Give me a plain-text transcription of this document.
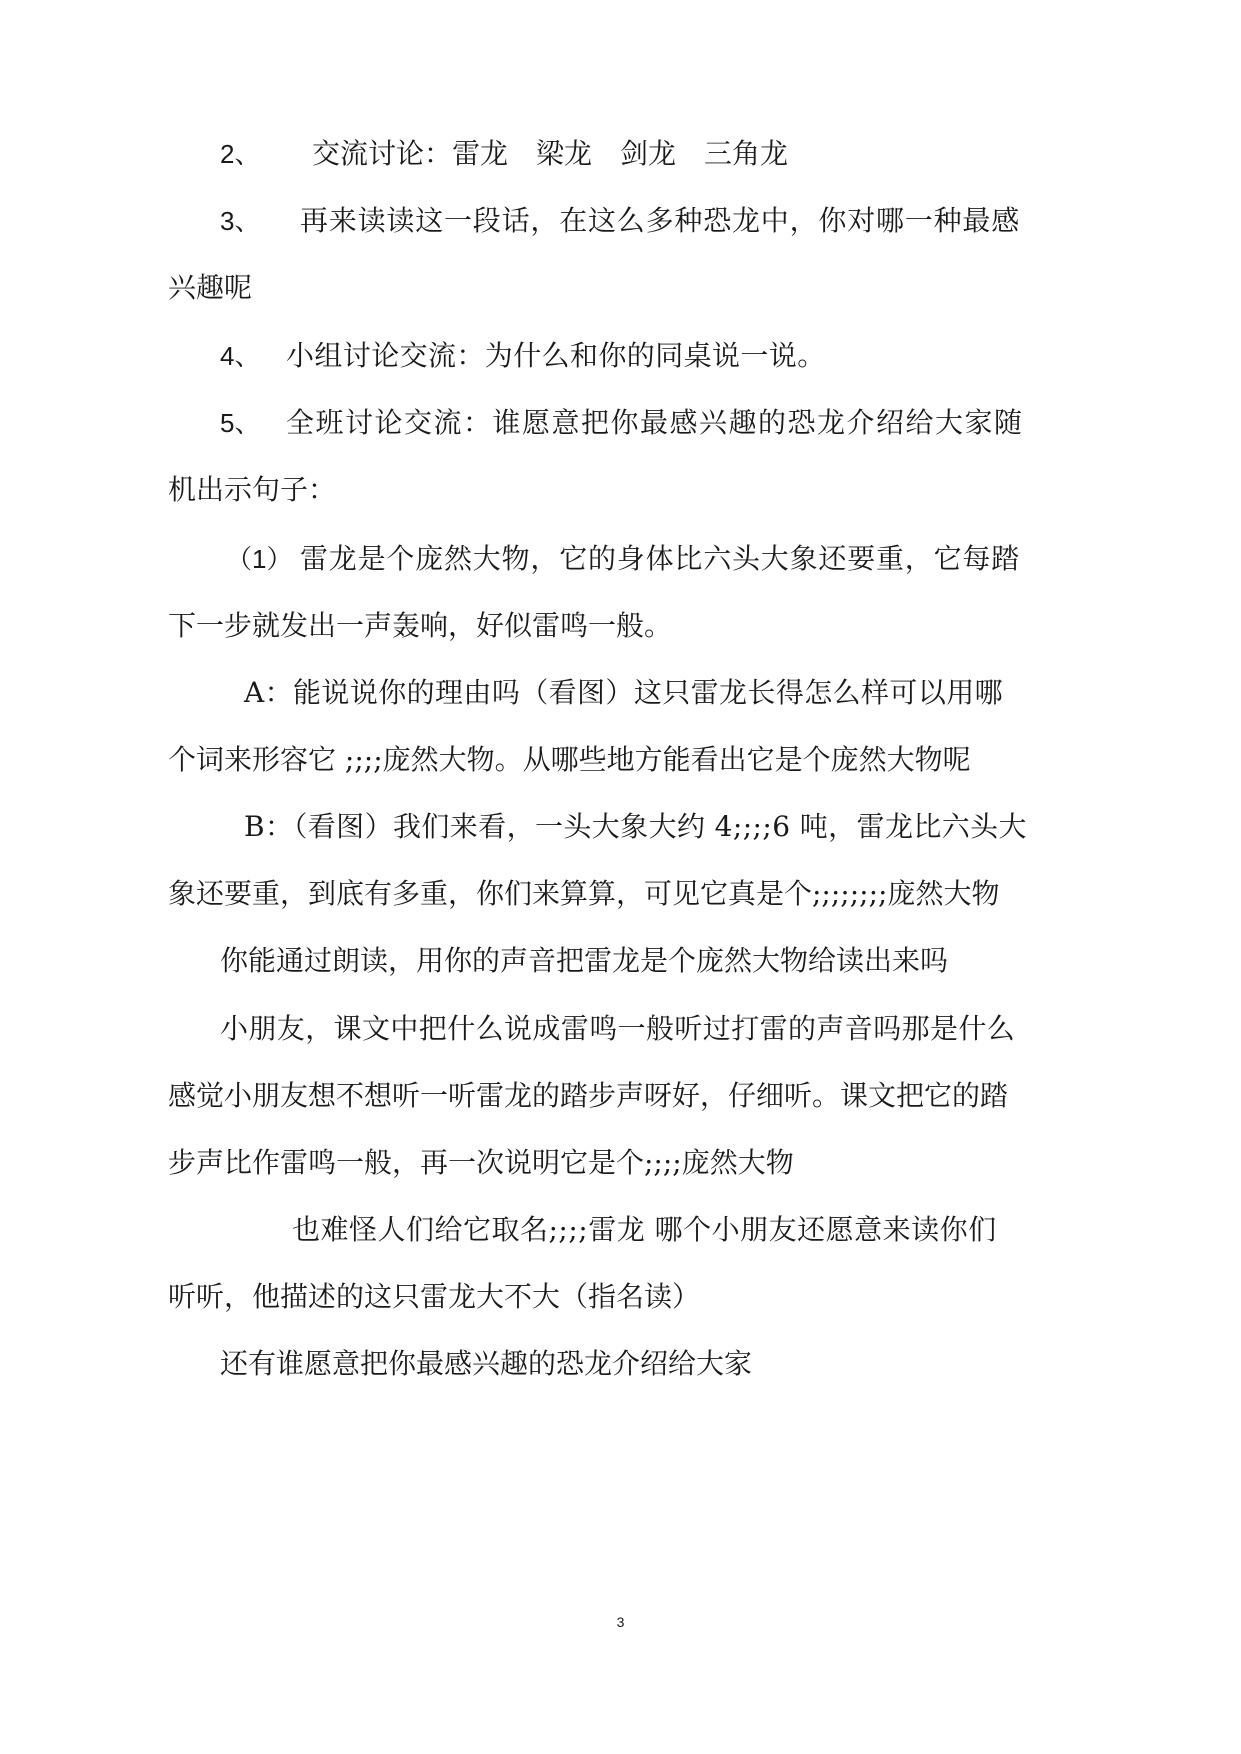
2、 交流讨论：雷龙　梁龙　剑龙　三角龙
3、 再来读读这一段话，在这么多种恐龙中，你对哪一种最感
兴趣呢
4、 小组讨论交流：为什么和你的同桌说一说。
5、 全班讨论交流：谁愿意把你最感兴趣的恐龙介绍给大家随
机出示句子：
（1） 雷龙是个庞然大物，它的身体比六头大象还要重，它每踏
下一步就发出一声轰响，好似雷鸣一般。
A：能说说你的理由吗（看图）这只雷龙长得怎么样可以用哪
个词来形容它 ;;;;庞然大物。从哪些地方能看出它是个庞然大物呢
B：（看图）我们来看，一头大象大约 4;;;;6 吨，雷龙比六头大
象还要重，到底有多重，你们来算算，可见它真是个;;;;;;;;庞然大物
你能通过朗读，用你的声音把雷龙是个庞然大物给读出来吗
小朋友，课文中把什么说成雷鸣一般听过打雷的声音吗那是什么
感觉小朋友想不想听一听雷龙的踏步声呀好，仔细听。课文把它的踏
步声比作雷鸣一般，再一次说明它是个;;;;庞然大物
也难怪人们给它取名;;;;雷龙 哪个小朋友还愿意来读你们
听听，他描述的这只雷龙大不大（指名读）
还有谁愿意把你最感兴趣的恐龙介绍给大家
3
